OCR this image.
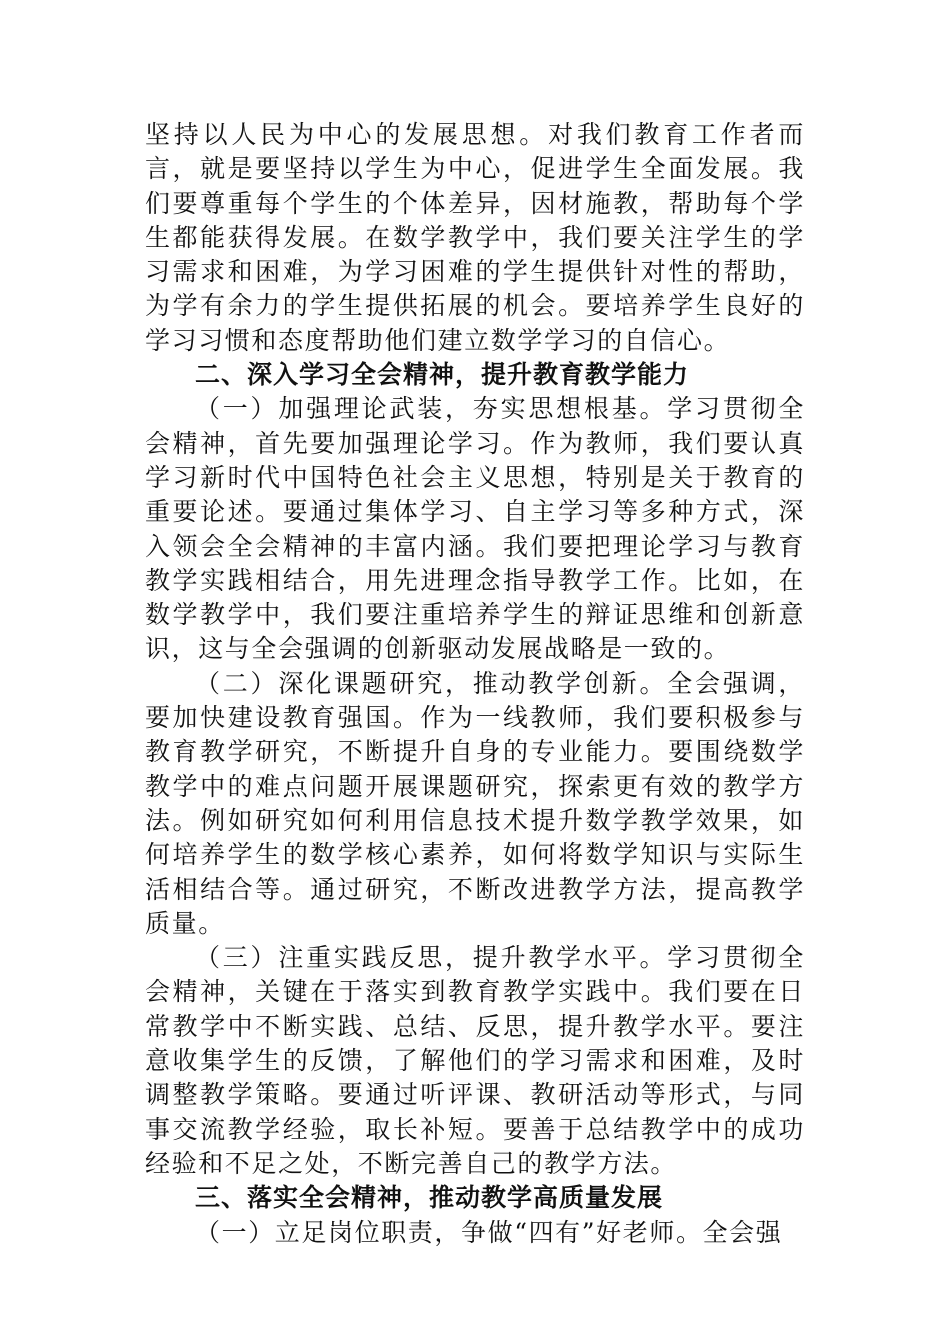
坚持以人民为中心的发展思想。对我们教育工作者而言，就是要坚持以学生为中心，促进学生全面发展。我们要尊重每个学生的个体差异，因材施教，帮助每个学生都能获得发展。在数学教学中，我们要关注学生的学习需求和困难，为学习困难的学生提供针对性的帮助，为学有余力的学生提供拓展的机会。要培养学生良好的学习习惯和态度帮助他们建立数学学习的自信心。

二、深入学习全会精神，提升教育教学能力

（一）加强理论武装，夯实思想根基。学习贯彻全会精神，首先要加强理论学习。作为教师，我们要认真学习新时代中国特色社会主义思想，特别是关于教育的重要论述。要通过集体学习、自主学习等多种方式，深入领会全会精神的丰富内涵。我们要把理论学习与教育教学实践相结合，用先进理念指导教学工作。比如，在数学教学中，我们要注重培养学生的辩证思维和创新意识，这与全会强调的创新驱动发展战略是一致的。

（二）深化课题研究，推动教学创新。全会强调，要加快建设教育强国。作为一线教师，我们要积极参与教育教学研究，不断提升自身的专业能力。要围绕数学教学中的难点问题开展课题研究，探索更有效的教学方法。例如研究如何利用信息技术提升数学教学效果，如何培养学生的数学核心素养，如何将数学知识与实际生活相结合等。通过研究，不断改进教学方法，提高教学质量。

（三）注重实践反思，提升教学水平。学习贯彻全会精神，关键在于落实到教育教学实践中。我们要在日常教学中不断实践、总结、反思，提升教学水平。要注意收集学生的反馈，了解他们的学习需求和困难，及时调整教学策略。要通过听评课、教研活动等形式，与同事交流教学经验，取长补短。要善于总结教学中的成功经验和不足之处，不断完善自己的教学方法。

三、落实全会精神，推动教学高质量发展

（一）立足岗位职责，争做“四有”好老师。全会强
